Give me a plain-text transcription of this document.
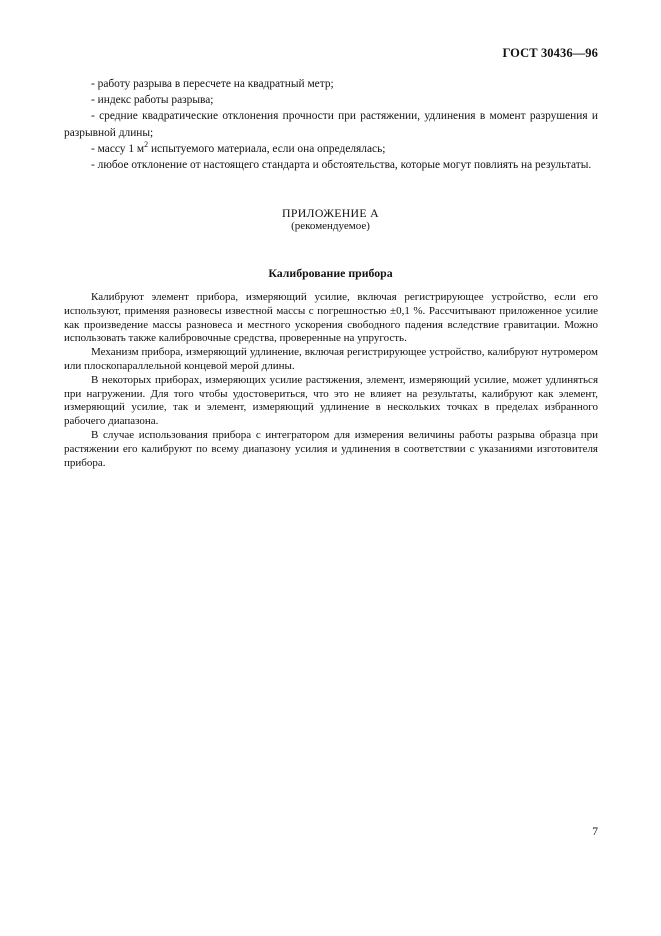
ГОСТ 30436—96

- работу разрыва в пересчете на квадратный метр;

- индекс работы разрыва;

- средние квадратические отклонения прочности при растяжении, удлинения в момент разрушения и разрывной длины;

- массу 1 $м^2$ испытуемого материала, если она определялась;

- любое отклонение от настоящего стандарта и обстоятельства, которые могут повлиять на результаты.

ПРИЛОЖЕНИЕ А
(рекомендуемое)
Калибрование прибора

Калибруют элемент прибора, измеряющий усилие, включая регистрирующее устройство, если его используют, применяя разновесы известной массы с погрешностью ±0,1 %. Рассчитывают приложенное усилие как произведение массы разновеса и местного ускорения свободного падения вследствие гравитации. Можно использовать также калибровочные средства, проверенные на упругость.

Механизм прибора, измеряющий удлинение, включая регистрирующее устройство, калибруют нутромером или плоскопараллельной концевой мерой длины.

В некоторых приборах, измеряющих усилие растяжения, элемент, измеряющий усилие, может удлиняться при нагружении. Для того чтобы удостовериться, что это не влияет на результаты, калибруют как элемент, измеряющий усилие, так и элемент, измеряющий удлинение в нескольких точках в пределах избранного рабочего диапазона.

В случае использования прибора с интегратором для измерения величины работы разрыва образца при растяжении его калибруют по всему диапазону усилия и удлинения в соответствии с указаниями изготовителя прибора.

7
